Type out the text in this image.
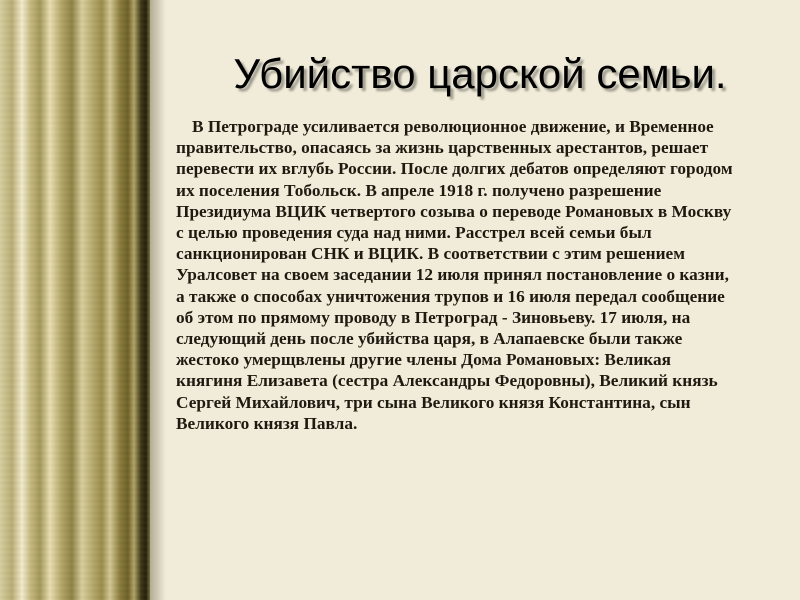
Убийство царской семьи.

В Петрограде усиливается революционное движение, и Временное правительство, опасаясь за жизнь царственных арестантов, решает перевести их вглубь России. После долгих дебатов определяют городом их поселения Тобольск. В апреле 1918 г. получено разрешение Президиума ВЦИК четвертого созыва о переводе Романовых в Москву с целью проведения суда над ними. Расстрел всей семьи был санкционирован СНК и ВЦИК. В соответствии с этим решением Уралсовет на своем заседании 12 июля принял постановление о казни, а также о способах уничтожения трупов и 16 июля передал сообщение об этом по прямому проводу в Петроград - Зиновьеву. 17 июля, на следующий день после убийства царя, в Алапаевске были также жестоко умерщвлены другие члены Дома Романовых: Великая княгиня Елизавета (сестра Александры Федоровны), Великий князь Сергей Михайлович, три сына Великого князя Константина, сын Великого князя Павла.
